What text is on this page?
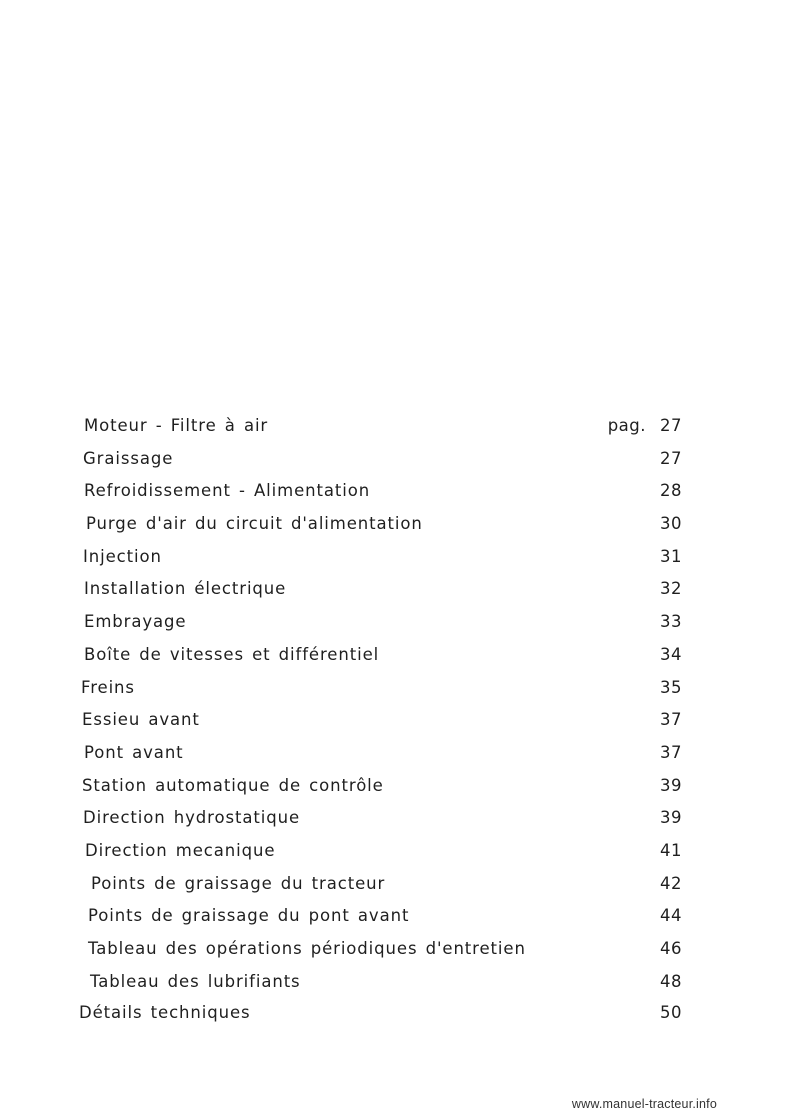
Moteur - Filtre à air	pag. 27
Graissage	27
Refroidissement - Alimentation	28
Purge d'air du circuit d'alimentation	30
Injection	31
Installation électrique	32
Embrayage	33
Boîte de vitesses et différentiel	34
Freins	35
Essieu avant	37
Pont avant	37
Station automatique de contrôle	39
Direction hydrostatique	39
Direction mecanique	41
Points de graissage du tracteur	42
Points de graissage du pont avant	44
Tableau des opérations périodiques d'entretien	46
Tableau des lubrifiants	48
Détails techniques	50
www.manuel-tracteur.info
